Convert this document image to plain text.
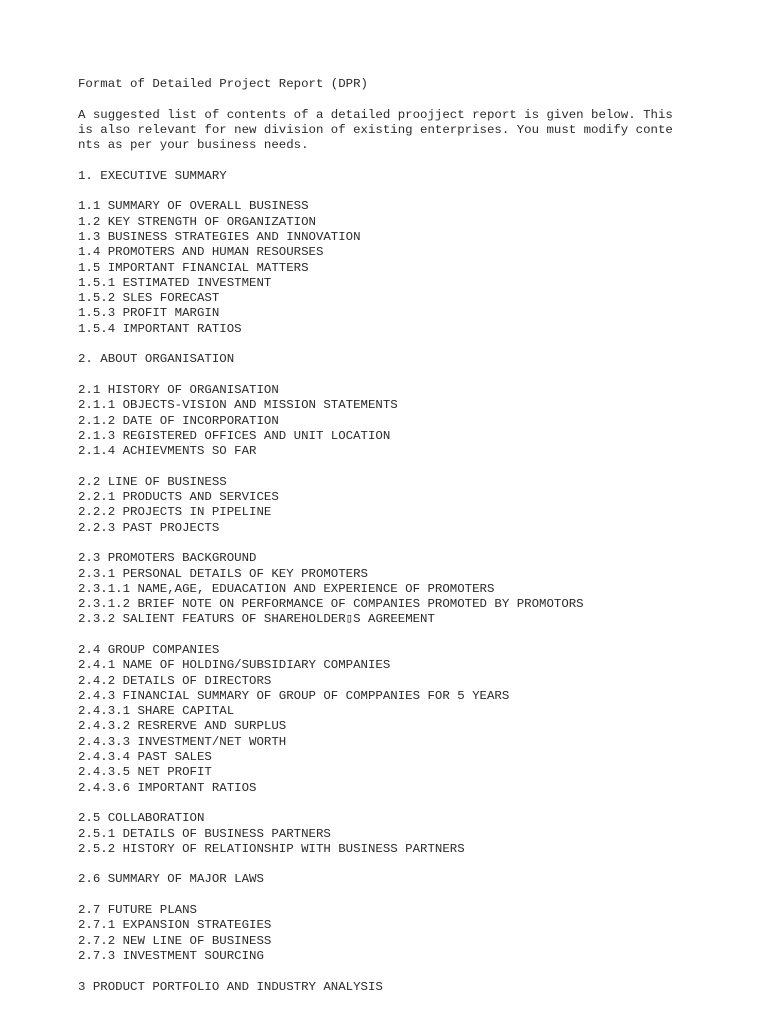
Format of Detailed Project Report (DPR)
A suggested list of contents of a detailed proojject report is given below. This
is also relevant for new division of existing enterprises. You must modify conte
nts as per your business needs.
1. EXECUTIVE SUMMARY
1.1 SUMMARY OF OVERALL BUSINESS
1.2 KEY STRENGTH OF ORGANIZATION
1.3 BUSINESS STRATEGIES AND INNOVATION
1.4 PROMOTERS AND HUMAN RESOURSES
1.5 IMPORTANT FINANCIAL MATTERS
1.5.1 ESTIMATED INVESTMENT
1.5.2 SLES FORECAST
1.5.3 PROFIT MARGIN
1.5.4 IMPORTANT RATIOS
2. ABOUT ORGANISATION
2.1 HISTORY OF ORGANISATION
2.1.1 OBJECTS-VISION AND MISSION STATEMENTS
2.1.2 DATE OF INCORPORATION
2.1.3 REGISTERED OFFICES AND UNIT LOCATION
2.1.4 ACHIEVMENTS SO FAR
2.2 LINE OF BUSINESS
2.2.1 PRODUCTS AND SERVICES
2.2.2 PROJECTS IN PIPELINE
2.2.3 PAST PROJECTS
2.3 PROMOTERS BACKGROUND
2.3.1 PERSONAL DETAILS OF KEY PROMOTERS
2.3.1.1 NAME,AGE, EDUACATION AND EXPERIENCE OF PROMOTERS
2.3.1.2 BRIEF NOTE ON PERFORMANCE OF COMPANIES PROMOTED BY PROMOTORS
2.3.2 SALIENT FEATURS OF SHAREHOLDER▯S AGREEMENT
2.4 GROUP COMPANIES
2.4.1 NAME OF HOLDING/SUBSIDIARY COMPANIES
2.4.2 DETAILS OF DIRECTORS
2.4.3 FINANCIAL SUMMARY OF GROUP OF COMPPANIES FOR 5 YEARS
2.4.3.1 SHARE CAPITAL
2.4.3.2 RESRERVE AND SURPLUS
2.4.3.3 INVESTMENT/NET WORTH
2.4.3.4 PAST SALES
2.4.3.5 NET PROFIT
2.4.3.6 IMPORTANT RATIOS
2.5 COLLABORATION
2.5.1 DETAILS OF BUSINESS PARTNERS
2.5.2 HISTORY OF RELATIONSHIP WITH BUSINESS PARTNERS
2.6 SUMMARY OF MAJOR LAWS
2.7 FUTURE PLANS
2.7.1 EXPANSION STRATEGIES
2.7.2 NEW LINE OF BUSINESS
2.7.3 INVESTMENT SOURCING
3 PRODUCT PORTFOLIO AND INDUSTRY ANALYSIS
